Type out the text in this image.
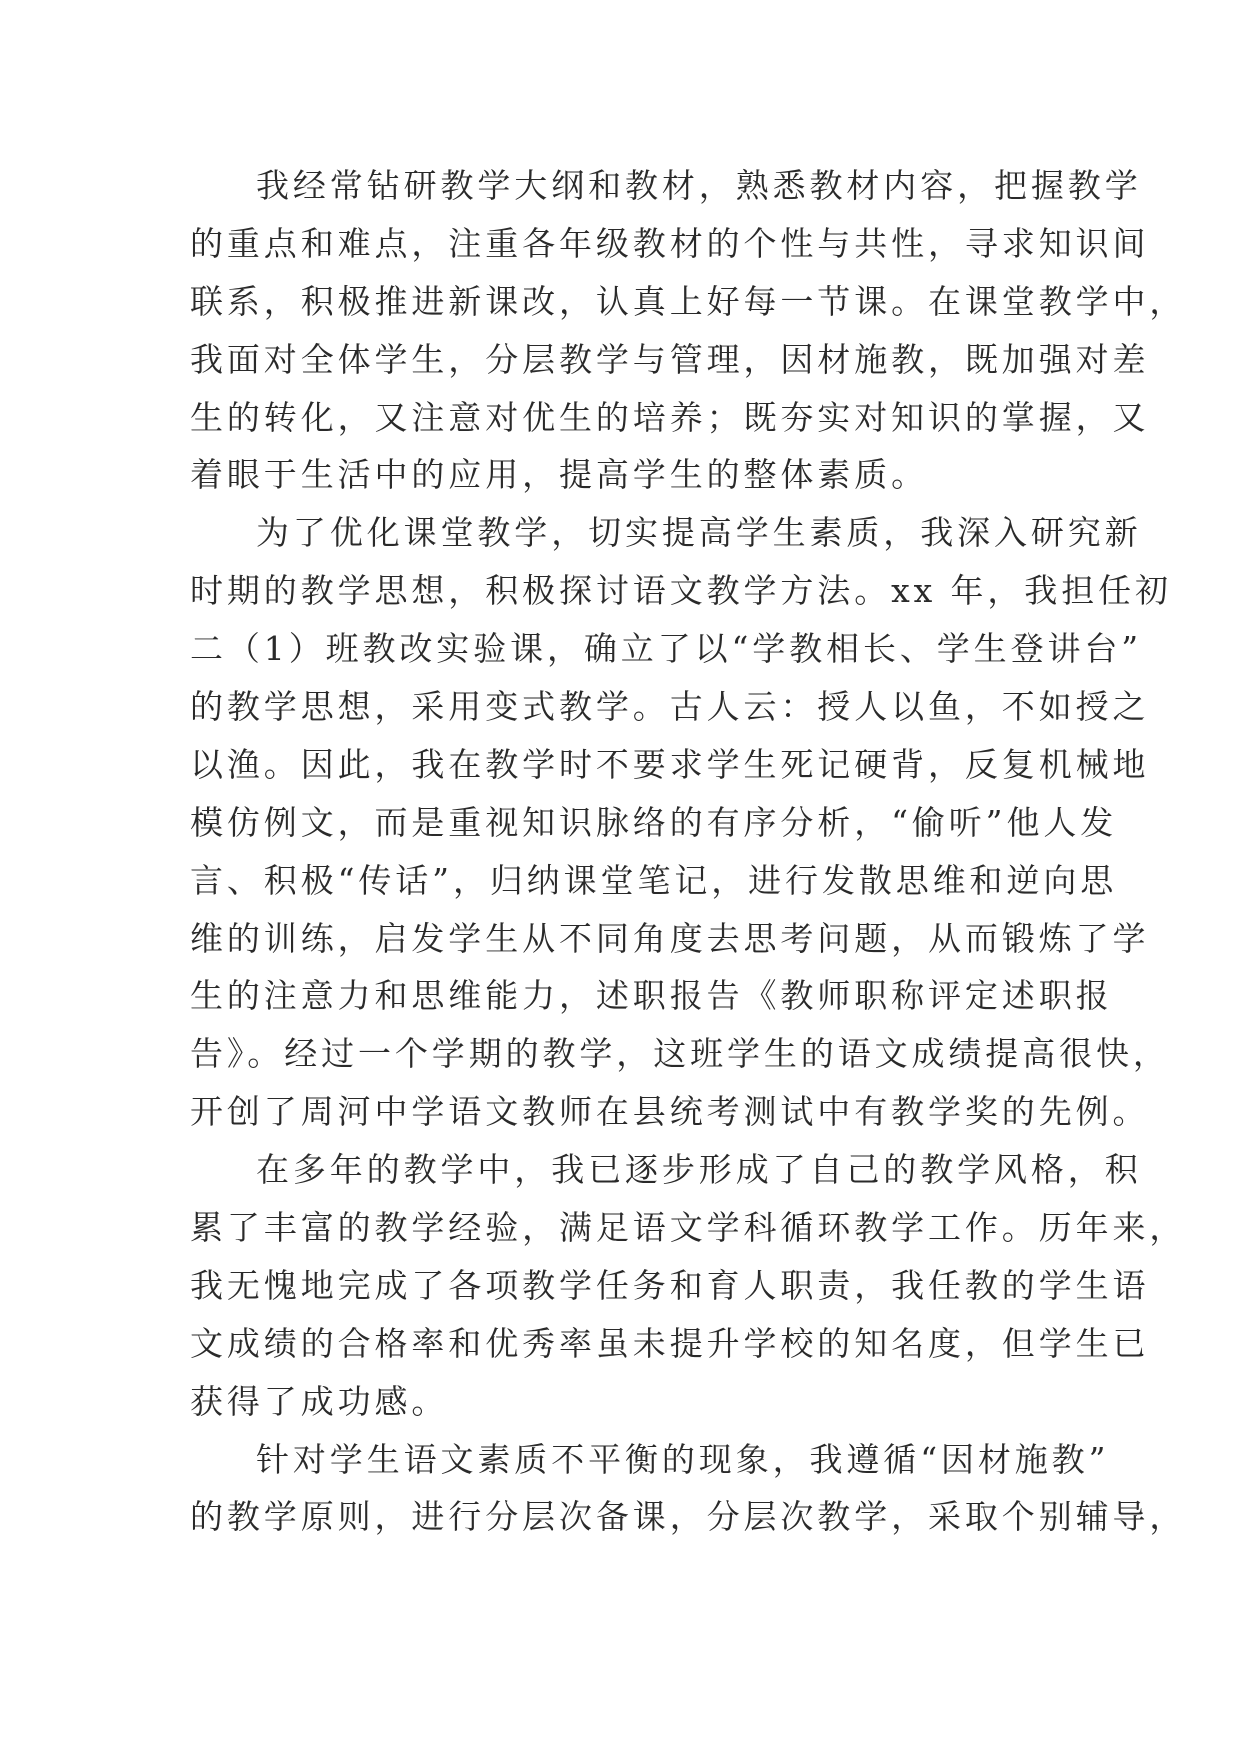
我经常钻研教学大纲和教材，熟悉教材内容，把握教学
的重点和难点，注重各年级教材的个性与共性，寻求知识间
联系，积极推进新课改，认真上好每一节课。在课堂教学中，
我面对全体学生，分层教学与管理，因材施教，既加强对差
生的转化，又注意对优生的培养；既夯实对知识的掌握，又
着眼于生活中的应用，提高学生的整体素质。
为了优化课堂教学，切实提高学生素质，我深入研究新
时期的教学思想，积极探讨语文教学方法。xx 年，我担任初
二（1）班教改实验课，确立了以“学教相长、学生登讲台”
的教学思想，采用变式教学。古人云：授人以鱼，不如授之
以渔。因此，我在教学时不要求学生死记硬背，反复机械地
模仿例文，而是重视知识脉络的有序分析，“偷听”他人发
言、积极“传话”，归纳课堂笔记，进行发散思维和逆向思
维的训练，启发学生从不同角度去思考问题，从而锻炼了学
生的注意力和思维能力，述职报告《教师职称评定述职报
告》。经过一个学期的教学，这班学生的语文成绩提高很快，
开创了周河中学语文教师在县统考测试中有教学奖的先例。
在多年的教学中，我已逐步形成了自己的教学风格，积
累了丰富的教学经验，满足语文学科循环教学工作。历年来，
我无愧地完成了各项教学任务和育人职责，我任教的学生语
文成绩的合格率和优秀率虽未提升学校的知名度，但学生已
获得了成功感。
针对学生语文素质不平衡的现象，我遵循“因材施教”
的教学原则，进行分层次备课，分层次教学，采取个别辅导，
